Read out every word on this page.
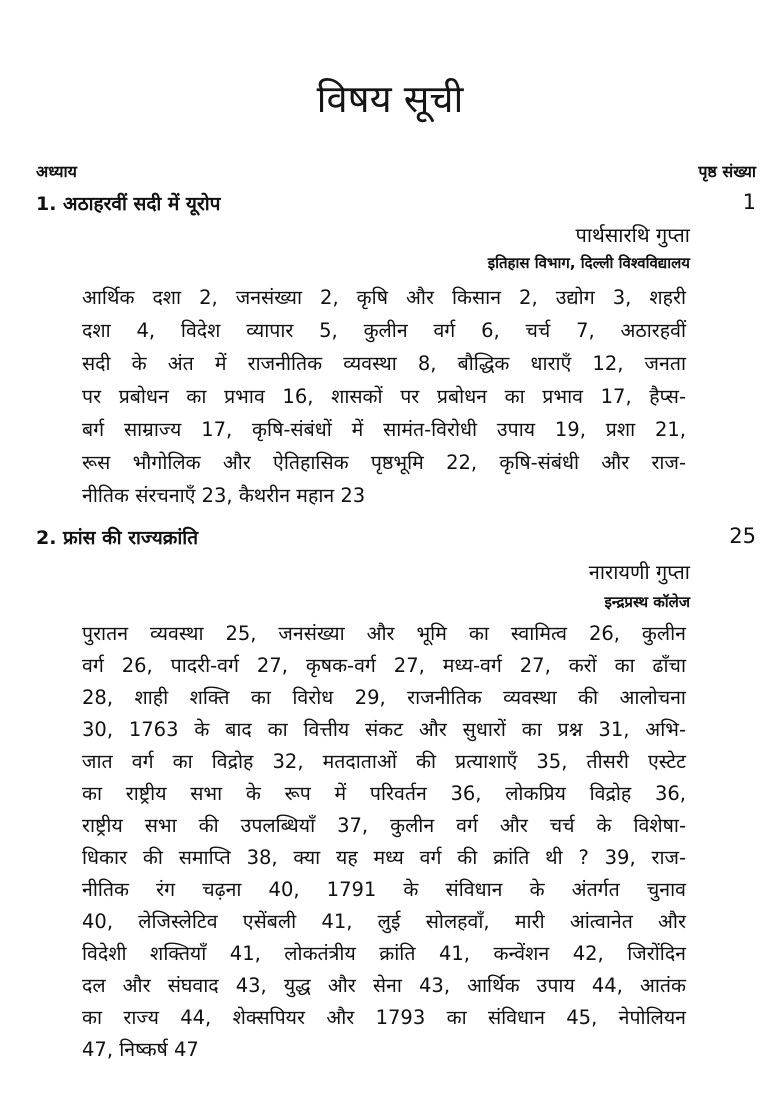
विषय सूची
अध्याय	पृष्ठ संख्या
1. अठाहरवीं सदी में यूरोप	1
पार्थसारथि गुप्ता
इतिहास विभाग, दिल्ली विश्वविद्यालय
आर्थिक दशा 2, जनसंख्या 2, कृषि और किसान 2, उद्योग 3, शहरी
दशा 4, विदेश व्यापार 5, कुलीन वर्ग 6, चर्च 7, अठारहवीं
सदी के अंत में राजनीतिक व्यवस्था 8, बौद्धिक धाराएँ 12, जनता
पर प्रबोधन का प्रभाव 16, शासकों पर प्रबोधन का प्रभाव 17, हैप्स-
बर्ग साम्राज्य 17, कृषि-संबंधों में सामंत-विरोधी उपाय 19, प्रशा 21,
रूस भौगोलिक और ऐतिहासिक पृष्ठभूमि 22, कृषि-संबंधी और राज-
नीतिक संरचनाएँ 23, कैथरीन महान 23
2. फ्रांस की राज्यक्रांति	25
नारायणी गुप्ता
इन्द्रप्रस्थ कॉलेज
पुरातन व्यवस्था 25, जनसंख्या और भूमि का स्वामित्व 26, कुलीन
वर्ग 26, पादरी-वर्ग 27, कृषक-वर्ग 27, मध्य-वर्ग 27, करों का ढाँचा
28, शाही शक्ति का विरोध 29, राजनीतिक व्यवस्था की आलोचना
30, 1763 के बाद का वित्तीय संकट और सुधारों का प्रश्न 31, अभि-
जात वर्ग का विद्रोह 32, मतदाताओं की प्रत्याशाएँ 35, तीसरी एस्टेट
का राष्ट्रीय सभा के रूप में परिवर्तन 36, लोकप्रिय विद्रोह 36,
राष्ट्रीय सभा की उपलब्धियाँ 37, कुलीन वर्ग और चर्च के विशेषा-
धिकार की समाप्ति 38, क्या यह मध्य वर्ग की क्रांति थी ? 39, राज-
नीतिक रंग चढ़ना 40, 1791 के संविधान के अंतर्गत चुनाव
40, लेजिस्लेटिव एसेंबली 41, लुई सोलहवाँ, मारी आंत्वानेत और
विदेशी शक्तियाँ 41, लोकतंत्रीय क्रांति 41, कन्वेंशन 42, जिरोंदिन
दल और संघवाद 43, युद्ध और सेना 43, आर्थिक उपाय 44, आतंक
का राज्य 44, शेक्सपियर और 1793 का संविधान 45, नेपोलियन
47, निष्कर्ष 47
